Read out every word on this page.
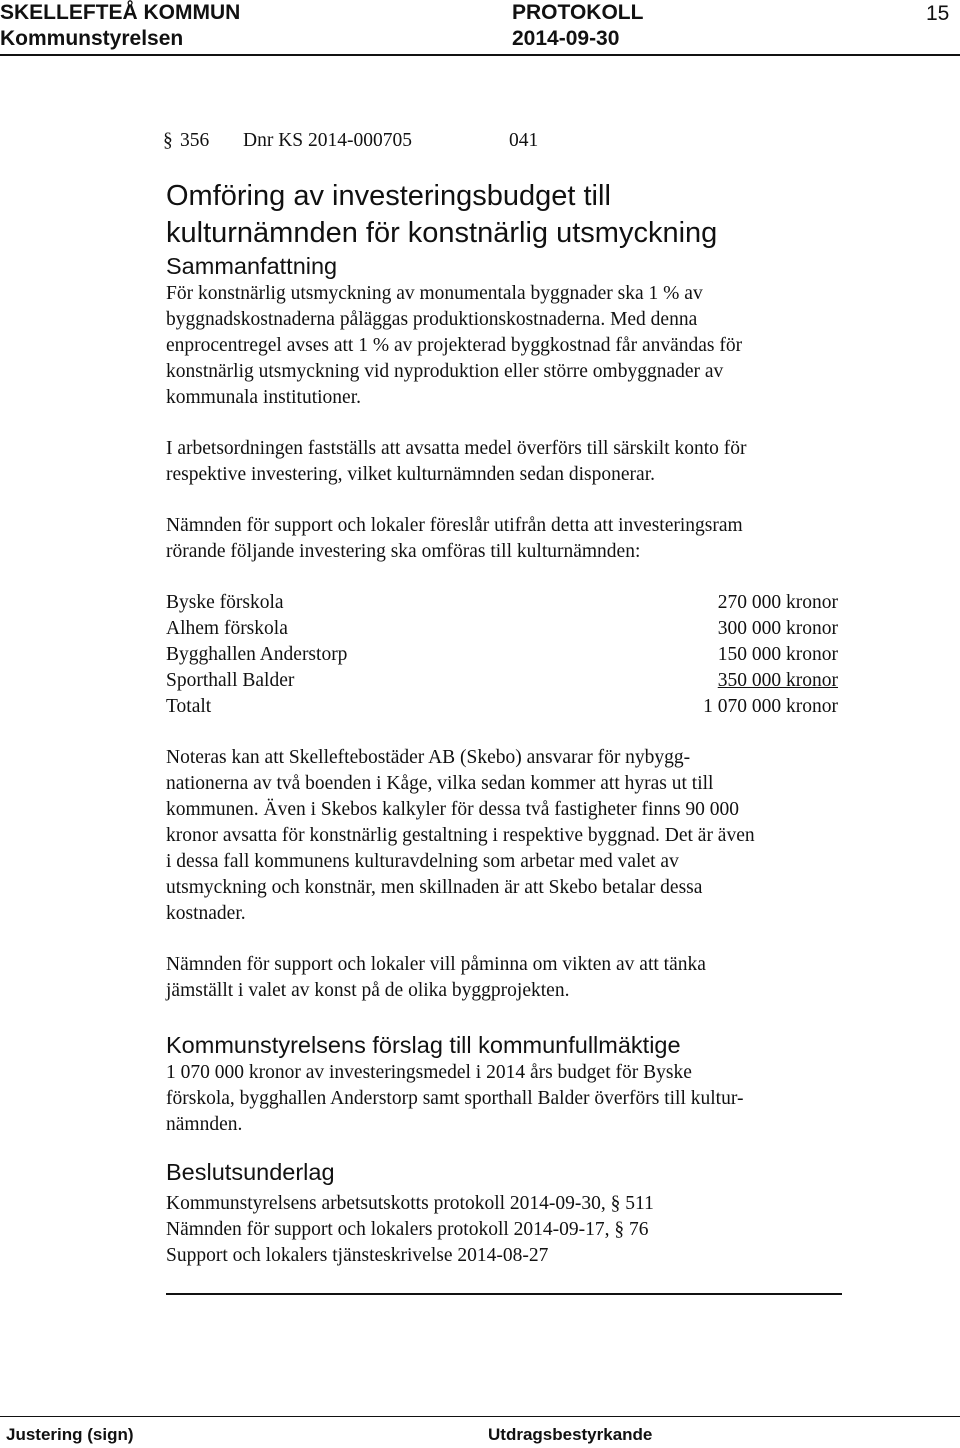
SKELLEFTEÅ KOMMUN
Kommunstyrelsen
PROTOKOLL
2014-09-30
15
§ 356 Dnr KS 2014-000705	041
Omföring av investeringsbudget till
kulturnämnden för konstnärlig utsmyckning
Sammanfattning

För konstnärlig utsmyckning av monumentala byggnader ska 1 % av
byggnadskostnaderna påläggas produktionskostnaderna. Med denna
enprocentregel avses att 1 % av projekterad byggkostnad får användas för
konstnärlig utsmyckning vid nyproduktion eller större ombyggnader av
kommunala institutioner.

I arbetsordningen fastställs att avsatta medel överförs till särskilt konto för
respektive investering, vilket kulturnämnden sedan disponerar.

Nämnden för support och lokaler föreslår utifrån detta att investeringsram
rörande följande investering ska omföras till kulturnämnden:

Byske förskola	270 000 kronor
Alhem förskola	300 000 kronor
Bygghallen Anderstorp	150 000 kronor
Sporthall Balder	350 000 kronor
Totalt	1 070 000 kronor

Noteras kan att Skelleftebostäder AB (Skebo) ansvarar för nybygg-
nationerna av två boenden i Kåge, vilka sedan kommer att hyras ut till
kommunen. Även i Skebos kalkyler för dessa två fastigheter finns 90 000
kronor avsatta för konstnärlig gestaltning i respektive byggnad. Det är även
i dessa fall kommunens kulturavdelning som arbetar med valet av
utsmyckning och konstnär, men skillnaden är att Skebo betalar dessa
kostnader.

Nämnden för support och lokaler vill påminna om vikten av att tänka
jämställt i valet av konst på de olika byggprojekten.

Kommunstyrelsens förslag till kommunfullmäktige

1 070 000 kronor av investeringsmedel i 2014 års budget för Byske
förskola, bygghallen Anderstorp samt sporthall Balder överförs till kultur-
nämnden.

Beslutsunderlag

Kommunstyrelsens arbetsutskotts protokoll 2014-09-30, § 511
Nämnden för support och lokalers protokoll 2014-09-17, § 76
Support och lokalers tjänsteskrivelse 2014-08-27

Justering (sign)	Utdragsbestyrkande
